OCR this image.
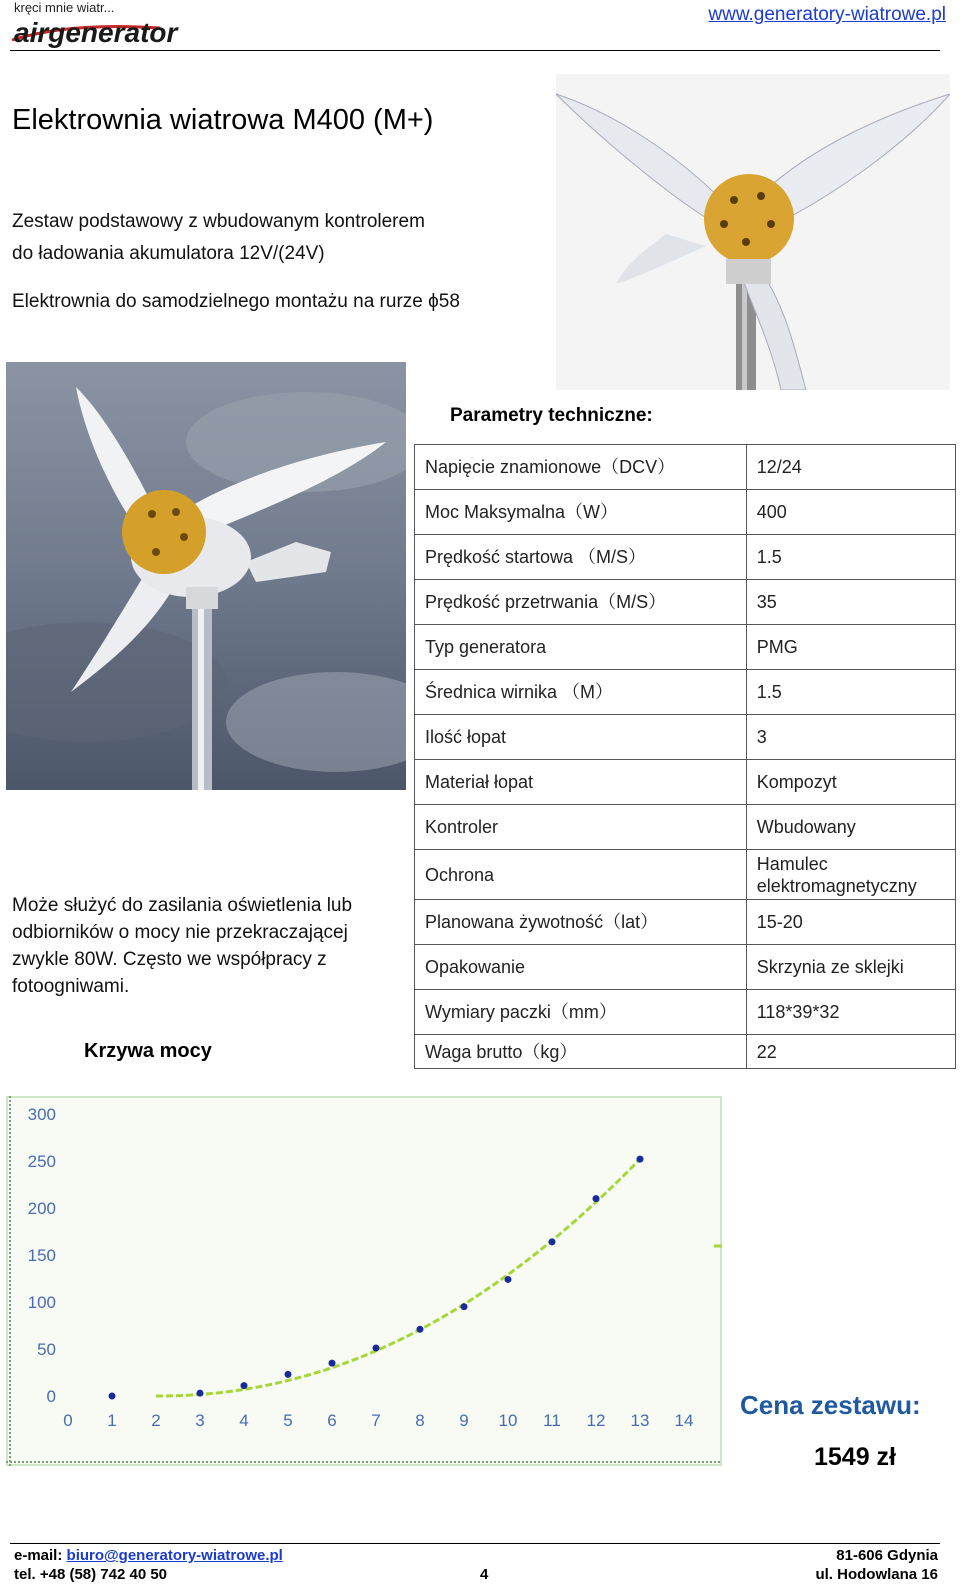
kręci mnie wiatr...
airgenerator
www.generatory-wiatrowe.pl
Elektrownia wiatrowa M400 (M+)
Zestaw podstawowy z wbudowanym kontrolerem
do ładowania akumulatora 12V/(24V)
Elektrownia do samodzielnego montażu na rurze ϕ58
Parametry techniczne:
Napięcie znamionowe（DCV）	12/24
Moc Maksymalna（W）	400
Prędkość startowa （M/S）	1.5
Prędkość przetrwania（M/S）	35
Typ generatora	PMG
Średnica wirnika （M）	1.5
Ilość łopat	3
Materiał łopat	Kompozyt
Kontroler	Wbudowany
Ochrona	Hamulec elektromagnetyczny
Planowana żywotność（lat）	15-20
Opakowanie	Skrzynia ze sklejki
Wymiary paczki（mm）	118*39*32
Waga brutto（kg）	22
Może służyć do zasilania oświetlenia lub odbiorników o mocy nie przekraczającej zwykle 80W. Często we współpracy z fotoogniwami.
Krzywa mocy
0
50
100
150
200
250
300
0 1 2 3 4 5 6 7 8 9 10 11 12 13 14
Cena zestawu:
1549 zł
e-mail: biuro@generatory-wiatrowe.pl
tel. +48 (58) 742 40 50	4
81-606 Gdynia
ul. Hodowlana 16
